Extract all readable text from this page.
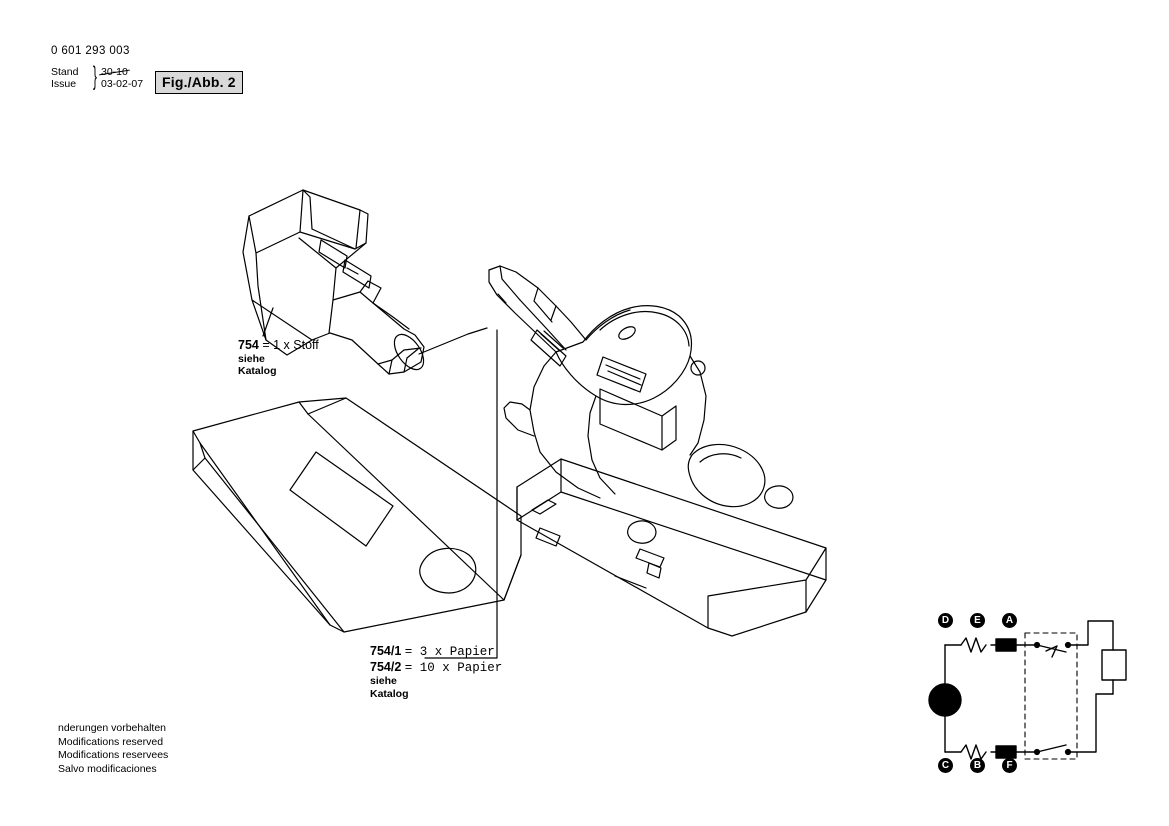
0 601 293 003
Stand
Issue } 30-10
03-02-07	Fig./Abb. 2
754 = 1 x Stoff
siehe
Katalog
754/1 = 3 x Papier
754/2 = 10 x Papier
siehe
Katalog
D	E	A
C	B	F
nderungen vorbehalten
Modifications reserved
Modifications reservees
Salvo modificaciones
